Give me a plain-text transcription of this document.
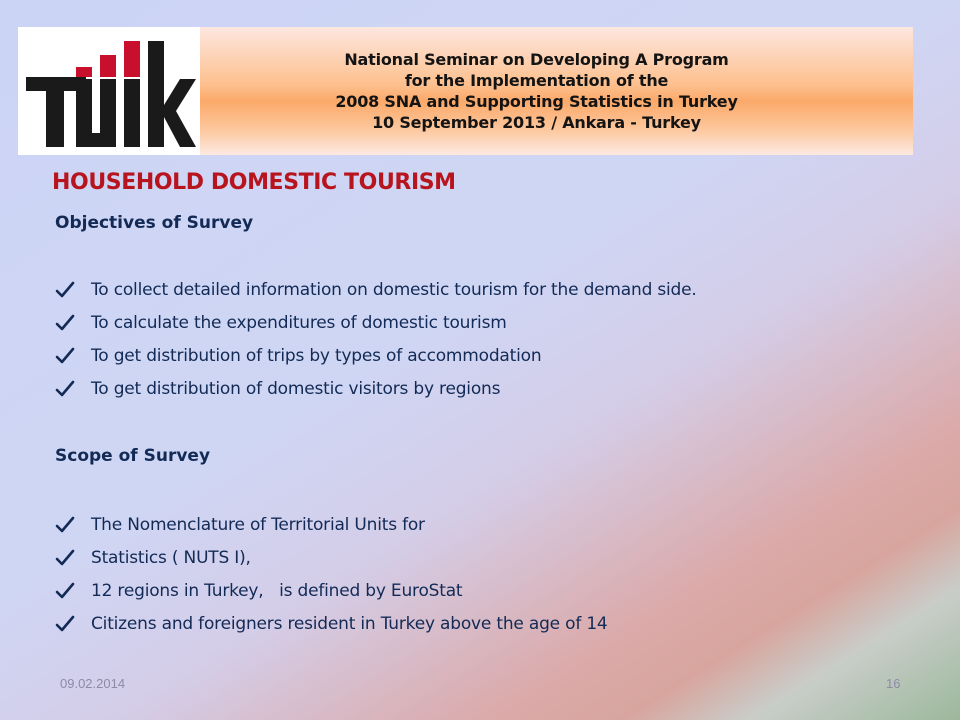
National Seminar on Developing A Program
for the Implementation of the
2008 SNA and Supporting Statistics in Turkey
10 September 2013 / Ankara - Turkey
HOUSEHOLD DOMESTIC TOURISM
Objectives of Survey
To collect detailed information on domestic tourism for the demand side.
To calculate the expenditures of domestic tourism
To get distribution of trips by types of accommodation
To get distribution of domestic visitors by regions
Scope of Survey
The Nomenclature of Territorial Units for
Statistics ( NUTS I),
12 regions in Turkey,   is defined by EuroStat
Citizens and foreigners resident in Turkey above the age of 14
09.02.2014	16
